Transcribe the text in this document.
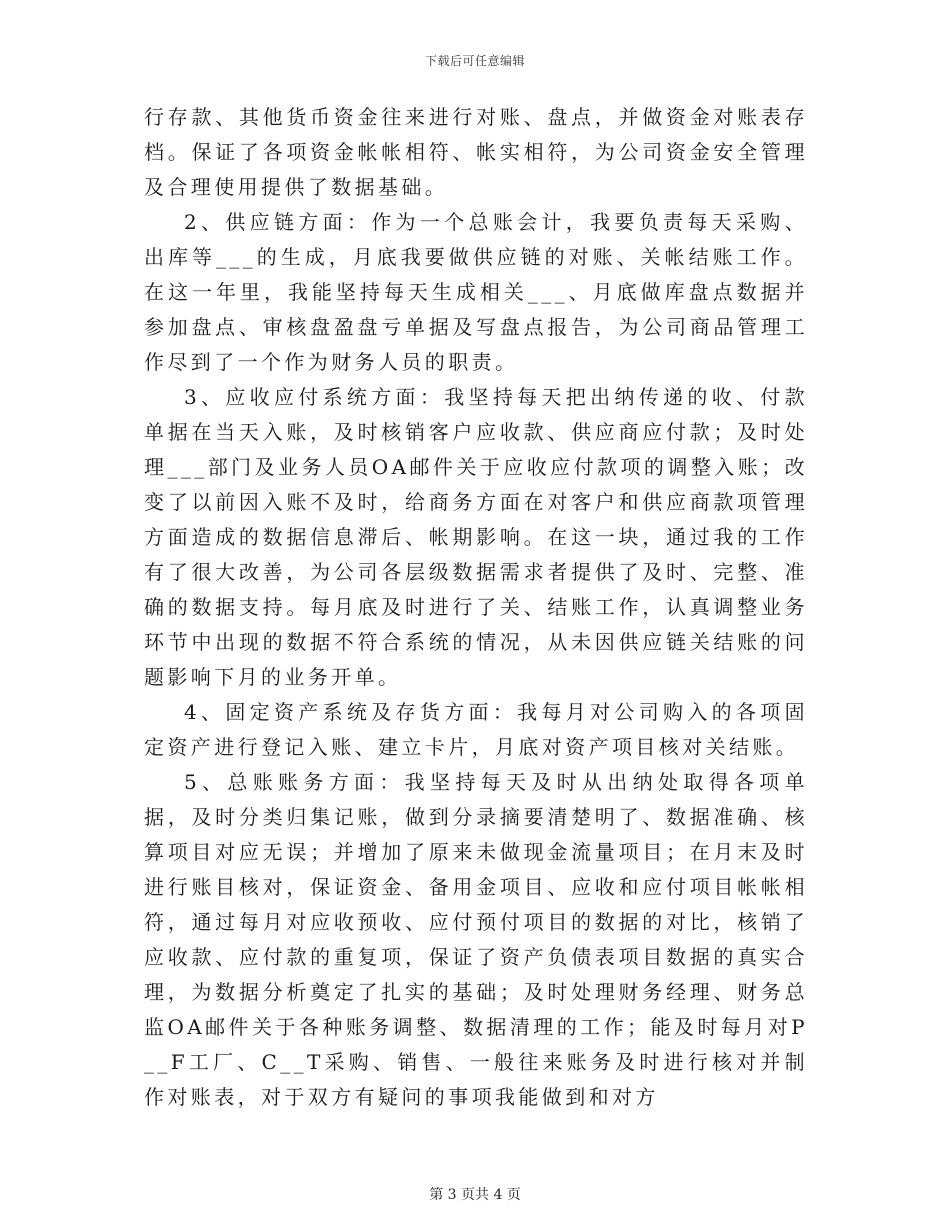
下载后可任意编辑

行存款、其他货币资金往来进行对账、盘点，并做资金对账表存档。保证了各项资金帐帐相符、帐实相符，为公司资金安全管理及合理使用提供了数据基础。

2、供应链方面：作为一个总账会计，我要负责每天采购、出库等___的生成，月底我要做供应链的对账、关帐结账工作。在这一年里，我能坚持每天生成相关___、月底做库盘点数据并参加盘点、审核盘盈盘亏单据及写盘点报告，为公司商品管理工作尽到了一个作为财务人员的职责。

3、应收应付系统方面：我坚持每天把出纳传递的收、付款单据在当天入账，及时核销客户应收款、供应商应付款；及时处理___部门及业务人员OA邮件关于应收应付款项的调整入账；改变了以前因入账不及时，给商务方面在对客户和供应商款项管理方面造成的数据信息滞后、帐期影响。在这一块，通过我的工作有了很大改善，为公司各层级数据需求者提供了及时、完整、准确的数据支持。每月底及时进行了关、结账工作，认真调整业务环节中出现的数据不符合系统的情况，从未因供应链关结账的问题影响下月的业务开单。

4、固定资产系统及存货方面：我每月对公司购入的各项固定资产进行登记入账、建立卡片，月底对资产项目核对关结账。

5、总账账务方面：我坚持每天及时从出纳处取得各项单据，及时分类归集记账，做到分录摘要清楚明了、数据准确、核算项目对应无误；并增加了原来未做现金流量项目；在月末及时进行账目核对，保证资金、备用金项目、应收和应付项目帐帐相符，通过每月对应收预收、应付预付项目的数据的对比，核销了应收款、应付款的重复项，保证了资产负债表项目数据的真实合理，为数据分析奠定了扎实的基础；及时处理财务经理、财务总监OA邮件关于各种账务调整、数据清理的工作；能及时每月对P__F工厂、C__T采购、销售、一般往来账务及时进行核对并制作对账表，对于双方有疑问的事项我能做到和对方

第 3 页共 4 页
